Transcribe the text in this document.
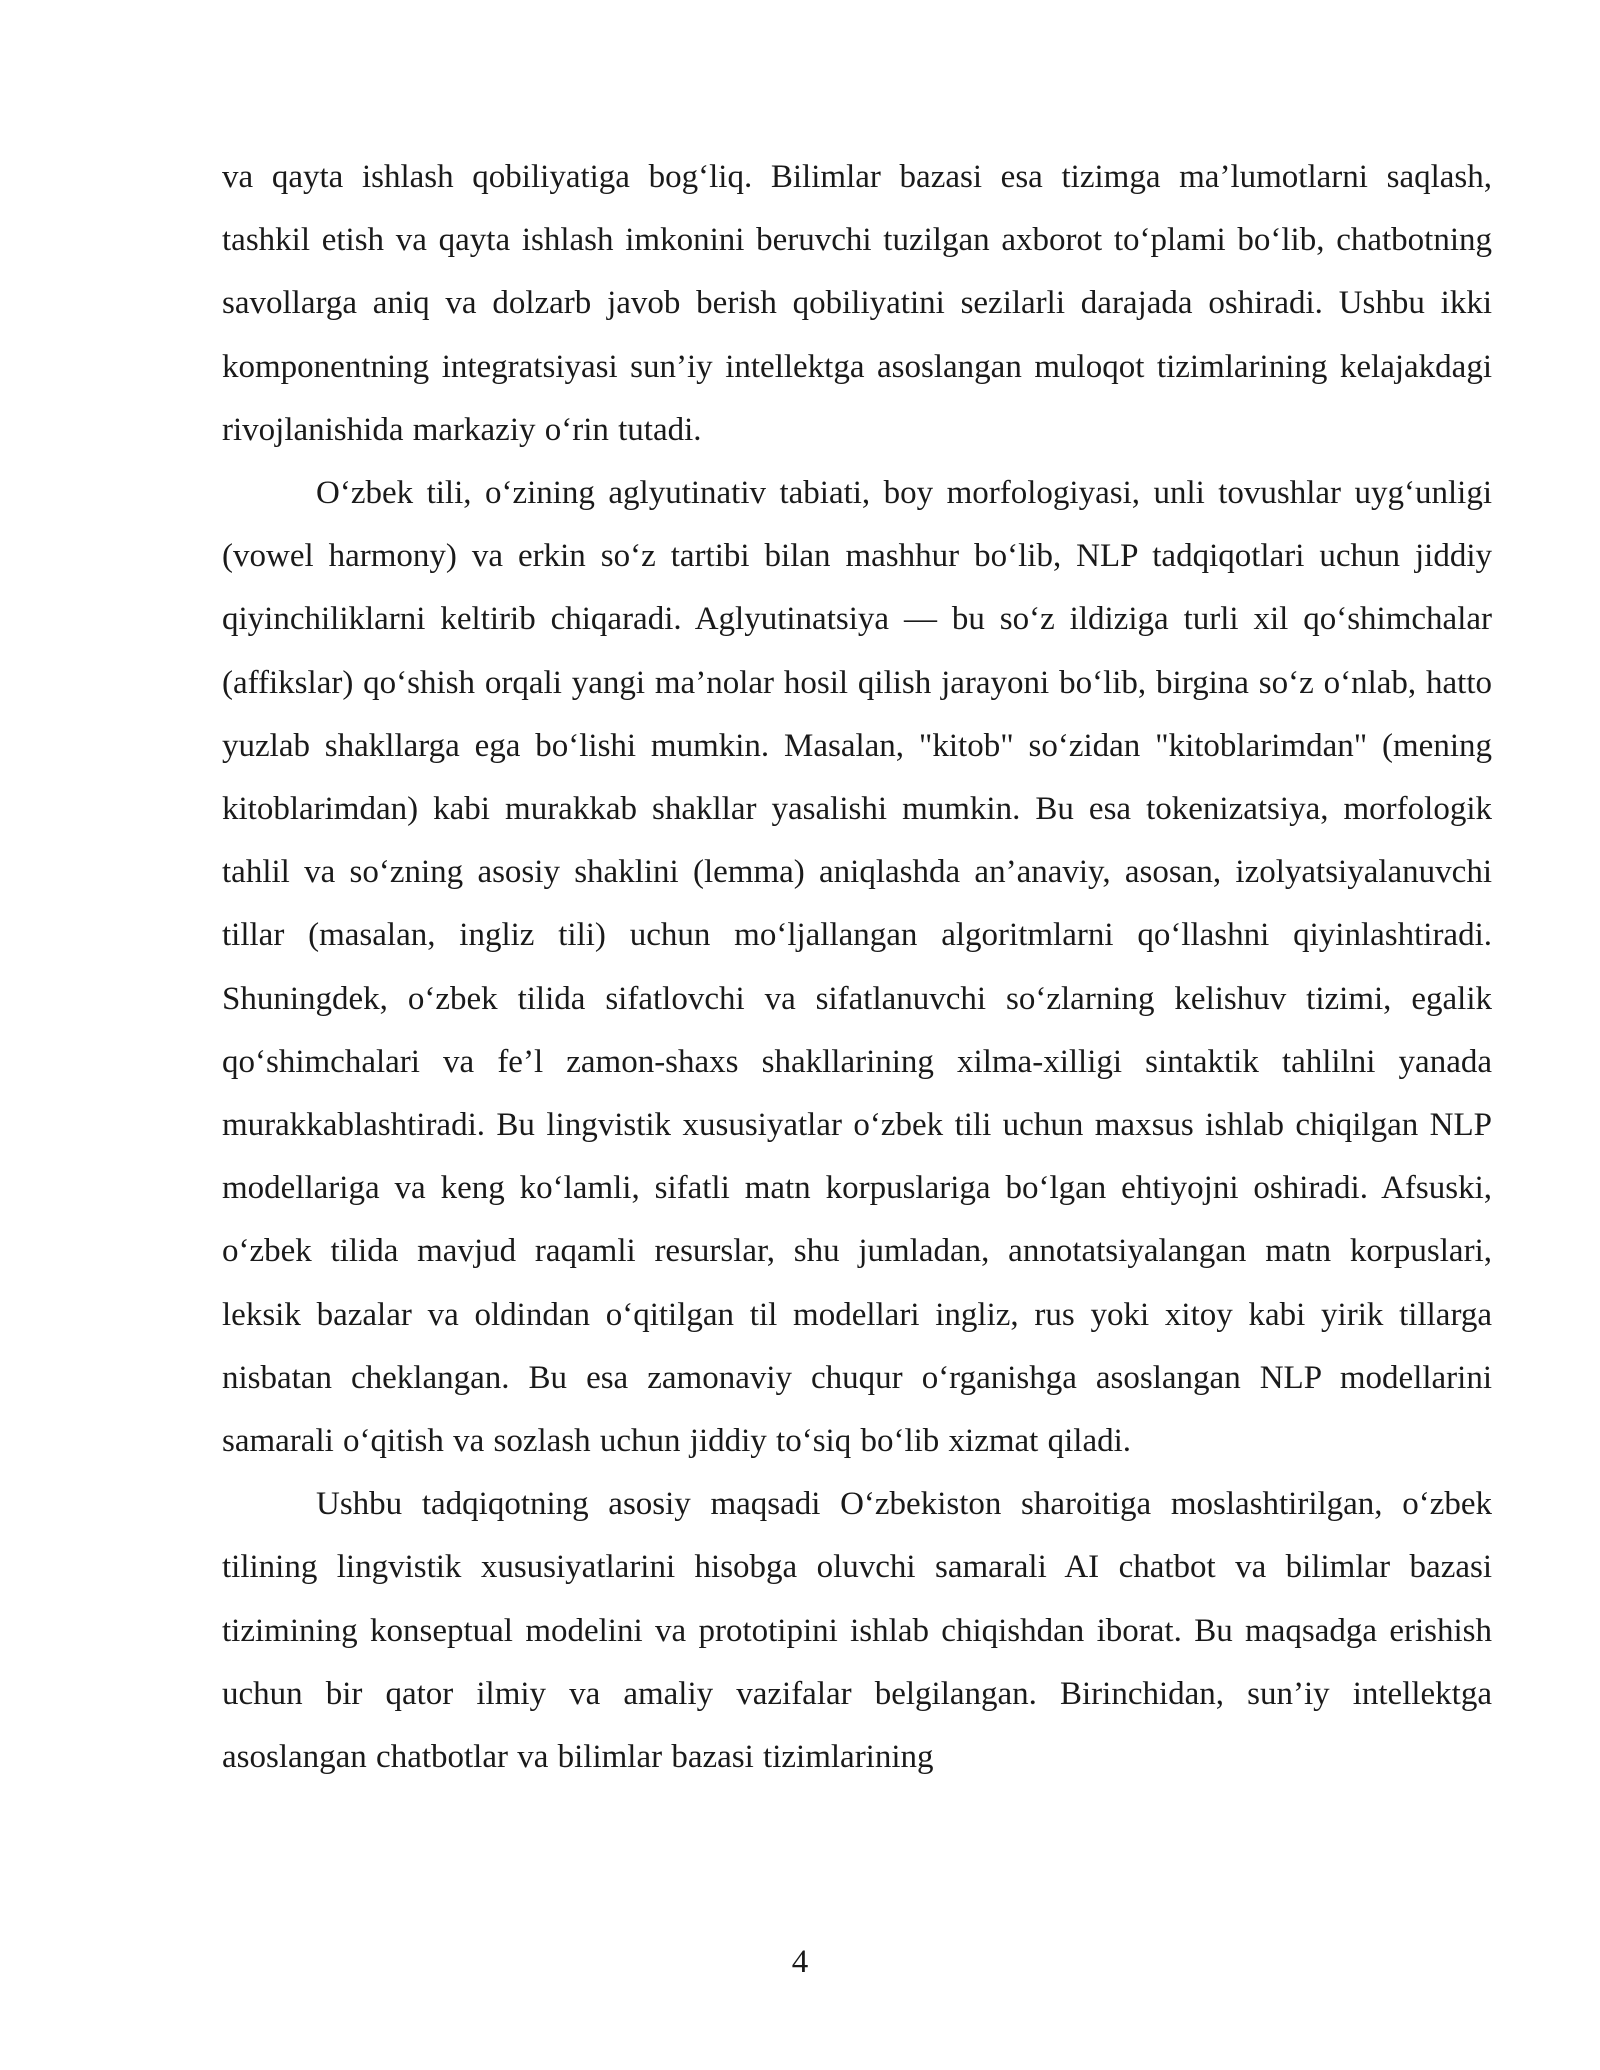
va qayta ishlash qobiliyatiga bog‘liq. Bilimlar bazasi esa tizimga ma’lumotlarni saqlash, tashkil etish va qayta ishlash imkonini beruvchi tuzilgan axborot to‘plami bo‘lib, chatbotning savollarga aniq va dolzarb javob berish qobiliyatini sezilarli darajada oshiradi. Ushbu ikki komponentning integratsiyasi sun’iy intellektga asoslangan muloqot tizimlarining kelajakdagi rivojlanishida markaziy o‘rin tutadi.

O‘zbek tili, o‘zining aglyutinativ tabiati, boy morfologiyasi, unli tovushlar uyg‘unligi (vowel harmony) va erkin so‘z tartibi bilan mashhur bo‘lib, NLP tadqiqotlari uchun jiddiy qiyinchiliklarni keltirib chiqaradi. Aglyutinatsiya — bu so‘z ildiziga turli xil qo‘shimchalar (affikslar) qo‘shish orqali yangi ma’nolar hosil qilish jarayoni bo‘lib, birgina so‘z o‘nlab, hatto yuzlab shakllarga ega bo‘lishi mumkin. Masalan, "kitob" so‘zidan "kitoblarimdan" (mening kitoblarimdan) kabi murakkab shakllar yasalishi mumkin. Bu esa tokenizatsiya, morfologik tahlil va so‘zning asosiy shaklini (lemma) aniqlashda an’anaviy, asosan, izolyatsiyalanuvchi tillar (masalan, ingliz tili) uchun mo‘ljallangan algoritmlarni qo‘llashni qiyinlashtiradi. Shuningdek, o‘zbek tilida sifatlovchi va sifatlanuvchi so‘zlarning kelishuv tizimi, egalik qo‘shimchalari va fe’l zamon-shaxs shakllarining xilma-xilligi sintaktik tahlilni yanada murakkablashtiradi. Bu lingvistik xususiyatlar o‘zbek tili uchun maxsus ishlab chiqilgan NLP modellariga va keng ko‘lamli, sifatli matn korpuslariga bo‘lgan ehtiyojni oshiradi. Afsuski, o‘zbek tilida mavjud raqamli resurslar, shu jumladan, annotatsiyalangan matn korpuslari, leksik bazalar va oldindan o‘qitilgan til modellari ingliz, rus yoki xitoy kabi yirik tillarga nisbatan cheklangan. Bu esa zamonaviy chuqur o‘rganishga asoslangan NLP modellarini samarali o‘qitish va sozlash uchun jiddiy to‘siq bo‘lib xizmat qiladi.

Ushbu tadqiqotning asosiy maqsadi O‘zbekiston sharoitiga moslashtirilgan, o‘zbek tilining lingvistik xususiyatlarini hisobga oluvchi samarali AI chatbot va bilimlar bazasi tizimining konseptual modelini va prototipini ishlab chiqishdan iborat. Bu maqsadga erishish uchun bir qator ilmiy va amaliy vazifalar belgilangan. Birinchidan, sun’iy intellektga asoslangan chatbotlar va bilimlar bazasi tizimlarining

4
